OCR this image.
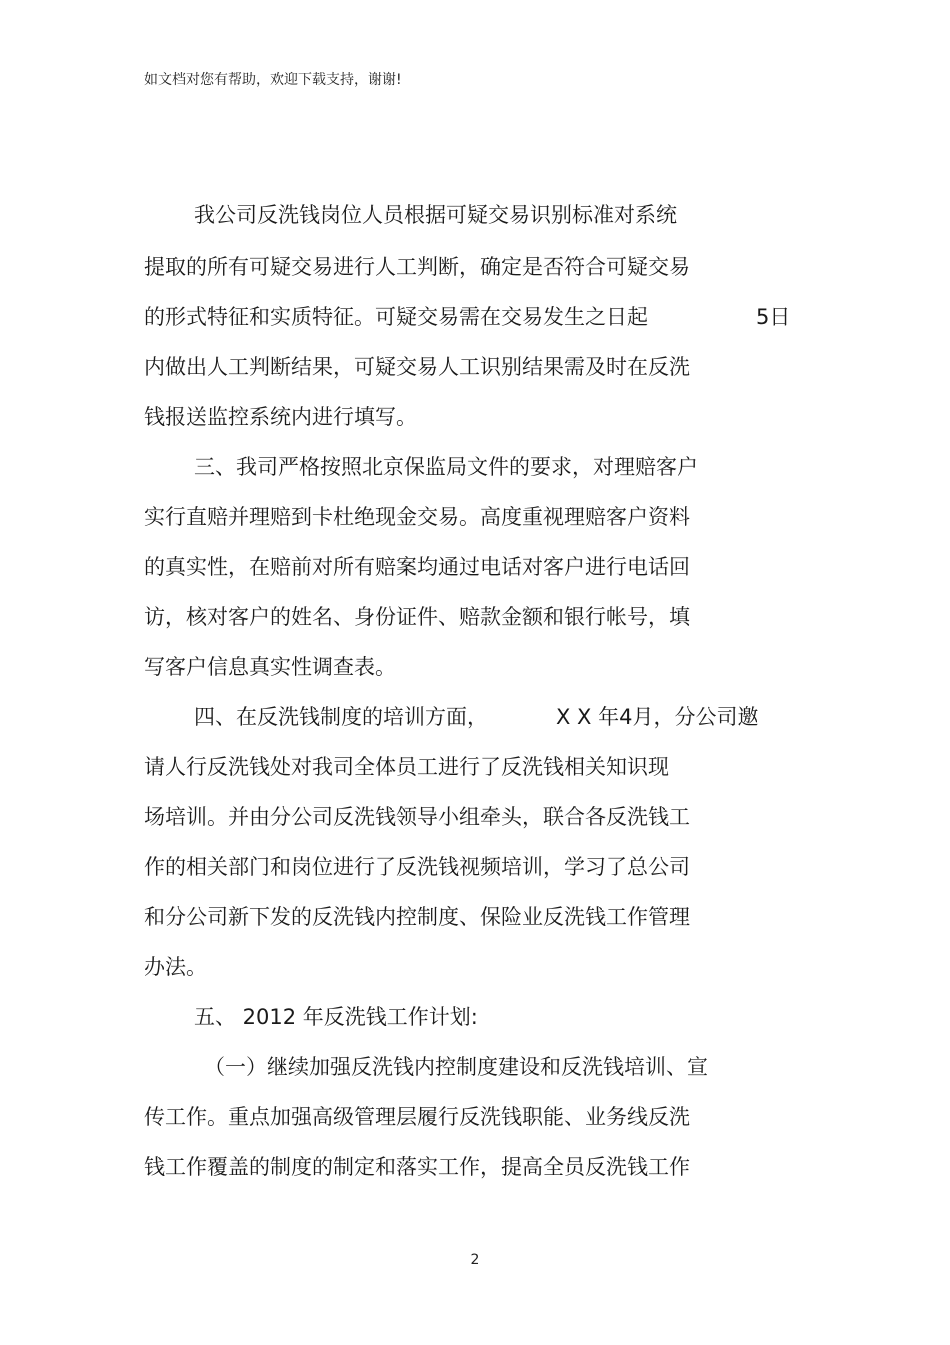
如文档对您有帮助，欢迎下载支持，谢谢!
我公司反洗钱岗位人员根据可疑交易识别标准对系统
提取的所有可疑交易进行人工判断，确定是否符合可疑交易
的形式特征和实质特征。可疑交易需在交易发生之日起	5日
内做出人工判断结果，可疑交易人工识别结果需及时在反洗
钱报送监控系统内进行填写。
三、我司严格按照北京保监局文件的要求，对理赔客户
实行直赔并理赔到卡杜绝现金交易。高度重视理赔客户资料
的真实性，在赔前对所有赔案均通过电话对客户进行电话回
访，核对客户的姓名、身份证件、赔款金额和银行帐号，填
写客户信息真实性调查表。
四、在反洗钱制度的培训方面，	X X 年4月，分公司邀
请人行反洗钱处对我司全体员工进行了反洗钱相关知识现
场培训。并由分公司反洗钱领导小组牵头，联合各反洗钱工
作的相关部门和岗位进行了反洗钱视频培训，学习了总公司
和分公司新下发的反洗钱内控制度、保险业反洗钱工作管理
办法。
五、 2012 年反洗钱工作计划:
（一）继续加强反洗钱内控制度建设和反洗钱培训、宣
传工作。重点加强高级管理层履行反洗钱职能、业务线反洗
钱工作覆盖的制度的制定和落实工作，提高全员反洗钱工作
2
